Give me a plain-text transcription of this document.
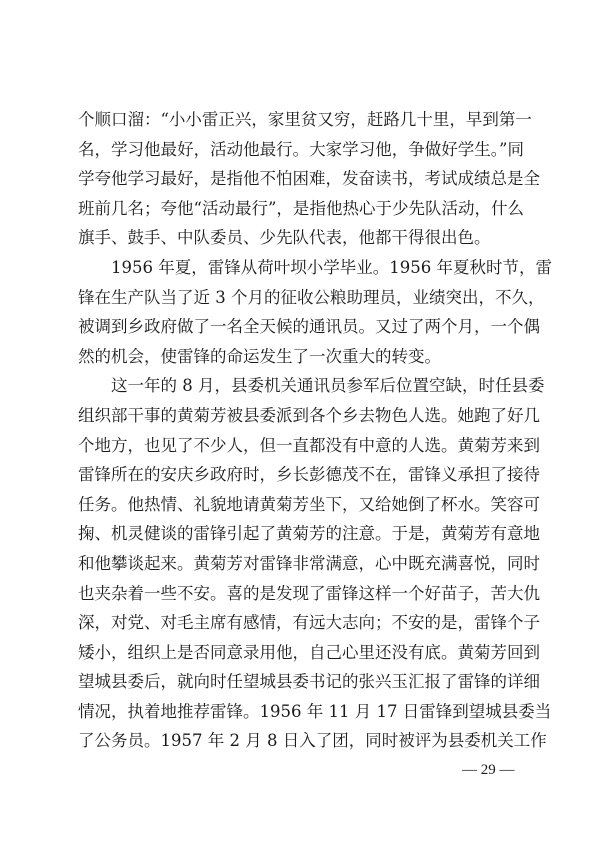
个顺口溜：“小小雷正兴，家里贫又穷，赶路几十里，早到第一
名，学习他最好，活动他最行。大家学习他，争做好学生。”同
学夸他学习最好，是指他不怕困难，发奋读书，考试成绩总是全
班前几名；夸他“活动最行”，是指他热心于少先队活动，什么
旗手、鼓手、中队委员、少先队代表，他都干得很出色。
　　1956 年夏，雷锋从荷叶坝小学毕业。1956 年夏秋时节，雷
锋在生产队当了近 3 个月的征收公粮助理员，业绩突出，不久，
被调到乡政府做了一名全天候的通讯员。又过了两个月，一个偶
然的机会，使雷锋的命运发生了一次重大的转变。
　　这一年的 8 月，县委机关通讯员参军后位置空缺，时任县委
组织部干事的黄菊芳被县委派到各个乡去物色人选。她跑了好几
个地方，也见了不少人，但一直都没有中意的人选。黄菊芳来到
雷锋所在的安庆乡政府时，乡长彭德茂不在，雷锋义承担了接待
任务。他热情、礼貌地请黄菊芳坐下，又给她倒了杯水。笑容可
掬、机灵健谈的雷锋引起了黄菊芳的注意。于是，黄菊芳有意地
和他攀谈起来。黄菊芳对雷锋非常满意，心中既充满喜悦，同时
也夹杂着一些不安。喜的是发现了雷锋这样一个好苗子，苦大仇
深，对党、对毛主席有感情，有远大志向；不安的是，雷锋个子
矮小，组织上是否同意录用他，自己心里还没有底。黄菊芳回到
望城县委后，就向时任望城县委书记的张兴玉汇报了雷锋的详细
情况，执着地推荐雷锋。1956 年 11 月 17 日雷锋到望城县委当
了公务员。1957 年 2 月 8 日入了团，同时被评为县委机关工作
— 29 —
